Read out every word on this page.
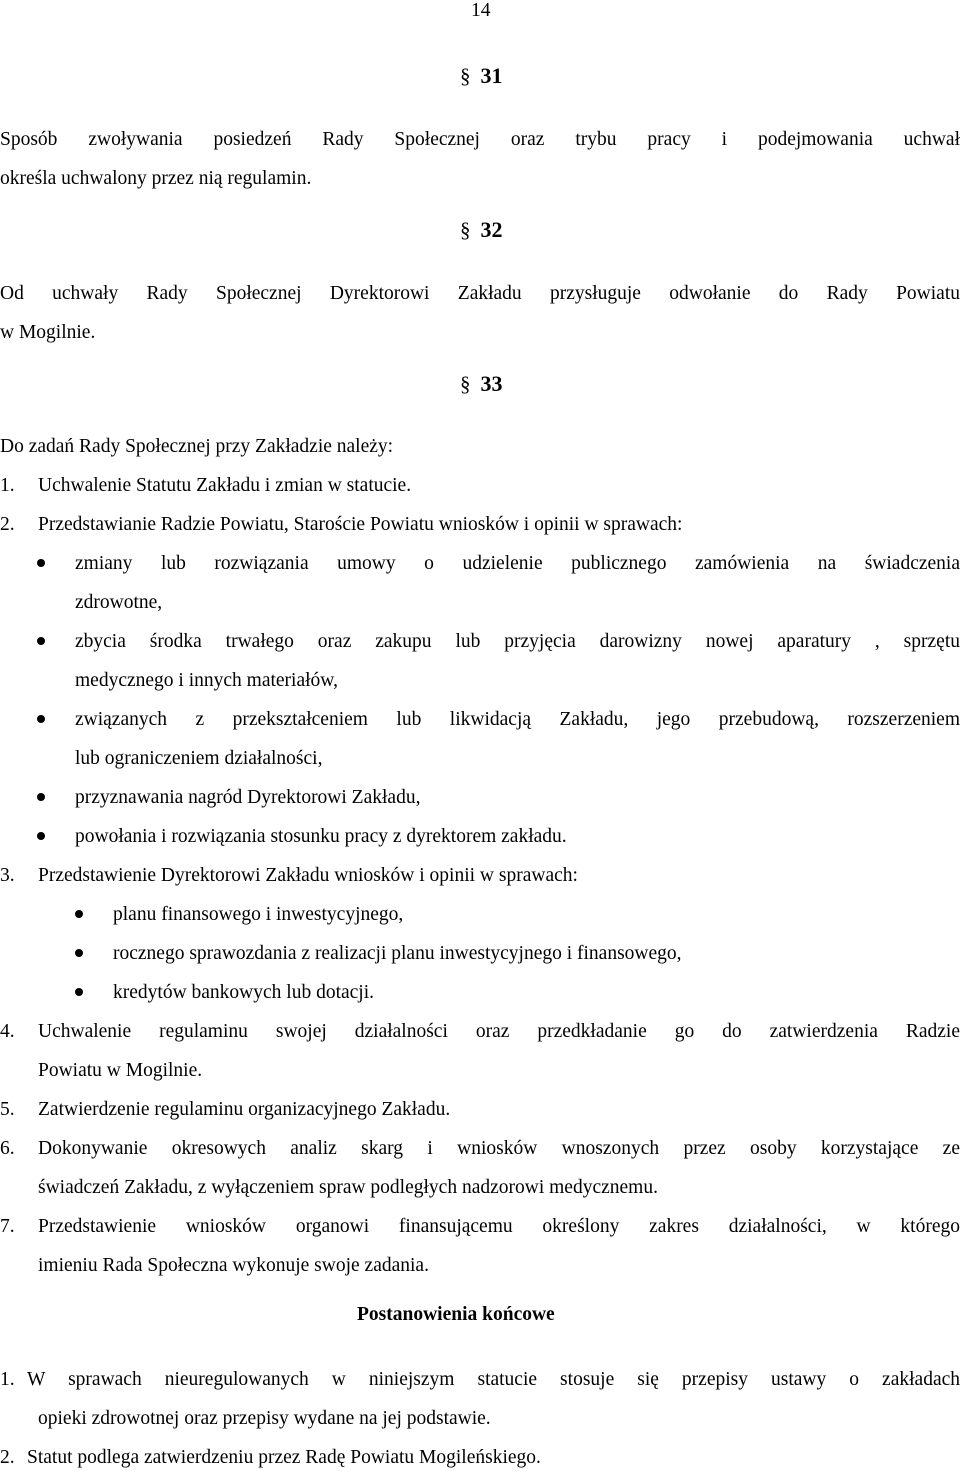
14
§ 31
Sposób zwoływania posiedzeń Rady Społecznej oraz trybu pracy i podejmowania uchwał
określa uchwalony przez nią regulamin.
§ 32
Od uchwały Rady Społecznej Dyrektorowi Zakładu przysługuje odwołanie do Rady Powiatu
w Mogilnie.
§ 33
Do zadań Rady Społecznej przy Zakładzie należy:
1. Uchwalenie Statutu Zakładu i zmian w statucie.
2. Przedstawianie Radzie Powiatu, Staroście Powiatu wniosków i opinii w sprawach:
zmiany lub rozwiązania umowy o udzielenie publicznego zamówienia na świadczenia
zdrowotne,
zbycia środka trwałego oraz zakupu lub przyjęcia darowizny nowej aparatury , sprzętu
medycznego i innych materiałów,
związanych z przekształceniem lub likwidacją Zakładu, jego przebudową, rozszerzeniem
lub ograniczeniem działalności,
przyznawania nagród Dyrektorowi Zakładu,
powołania i rozwiązania stosunku pracy z dyrektorem zakładu.
3. Przedstawienie Dyrektorowi Zakładu wniosków i opinii w sprawach:
planu finansowego i inwestycyjnego,
rocznego sprawozdania z realizacji planu inwestycyjnego i finansowego,
kredytów bankowych lub dotacji.
4. Uchwalenie regulaminu swojej działalności oraz przedkładanie go do zatwierdzenia Radzie
Powiatu w Mogilnie.
5. Zatwierdzenie regulaminu organizacyjnego Zakładu.
6. Dokonywanie okresowych analiz skarg i wniosków wnoszonych przez osoby korzystające ze
świadczeń Zakładu, z wyłączeniem spraw podległych nadzorowi medycznemu.
7. Przedstawienie wniosków organowi finansującemu określony zakres działalności, w którego
imieniu Rada Społeczna wykonuje swoje zadania.
Postanowienia końcowe
1. W sprawach nieuregulowanych w niniejszym statucie stosuje się przepisy ustawy o zakładach
opieki zdrowotnej oraz przepisy wydane na jej podstawie.
2. Statut podlega zatwierdzeniu przez Radę Powiatu Mogileńskiego.
